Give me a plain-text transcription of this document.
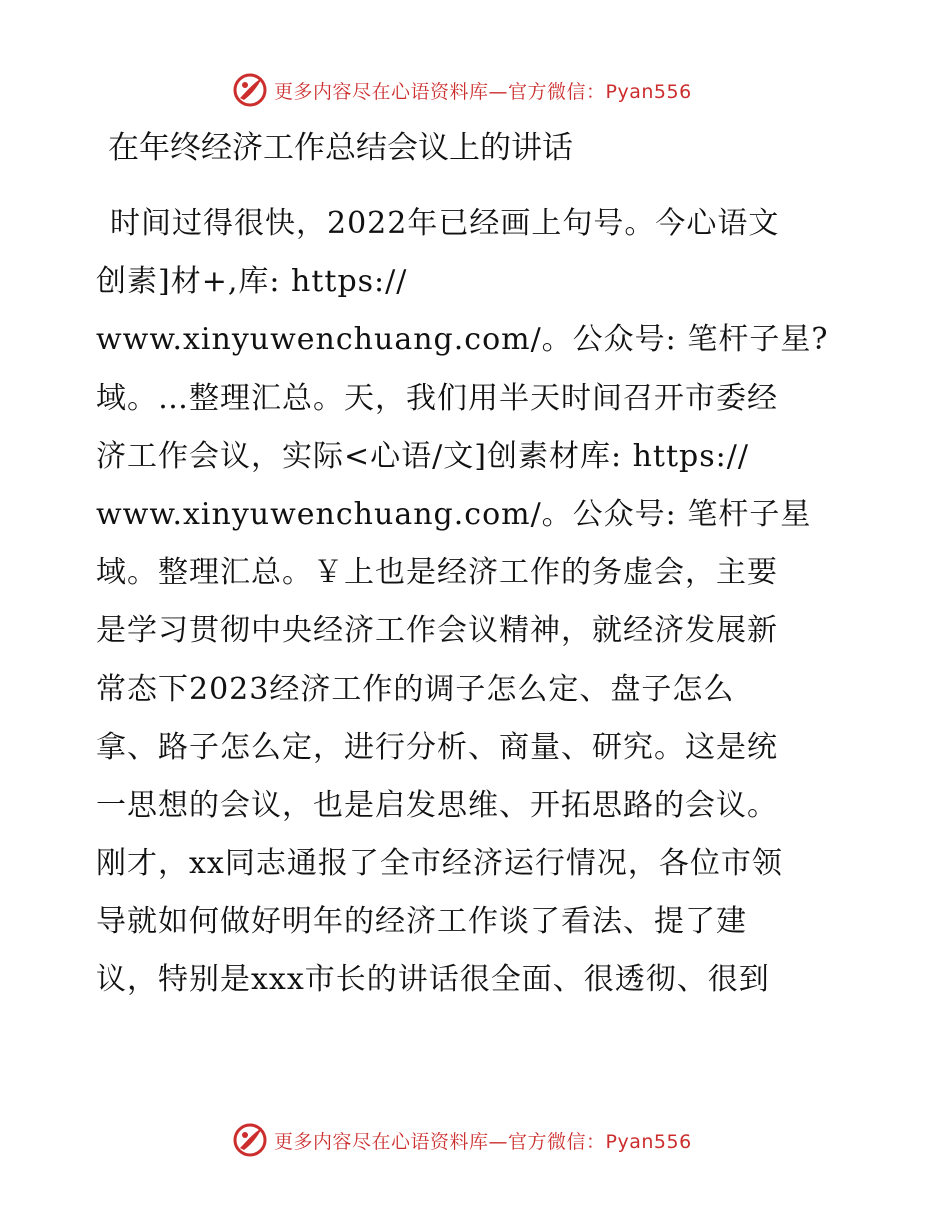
更多内容尽在心语资料库—官方微信：Pyan556
在年终经济工作总结会议上的讲话
时间过得很快，2022年已经画上句号。今心语文
创素]材+,库: https://
www.xinyuwenchuang.com/。公众号: 笔杆子星?
域。…整理汇总。天，我们用半天时间召开市委经
济工作会议，实际<心语/文]创素材库: https://
www.xinyuwenchuang.com/。公众号: 笔杆子星
域。整理汇总。￥上也是经济工作的务虚会，主要
是学习贯彻中央经济工作会议精神，就经济发展新
常态下2023经济工作的调子怎么定、盘子怎么
拿、路子怎么定，进行分析、商量、研究。这是统
一思想的会议，也是启发思维、开拓思路的会议。
刚才，xx同志通报了全市经济运行情况，各位市领
导就如何做好明年的经济工作谈了看法、提了建
议，特别是xxx市长的讲话很全面、很透彻、很到
更多内容尽在心语资料库—官方微信：Pyan556
